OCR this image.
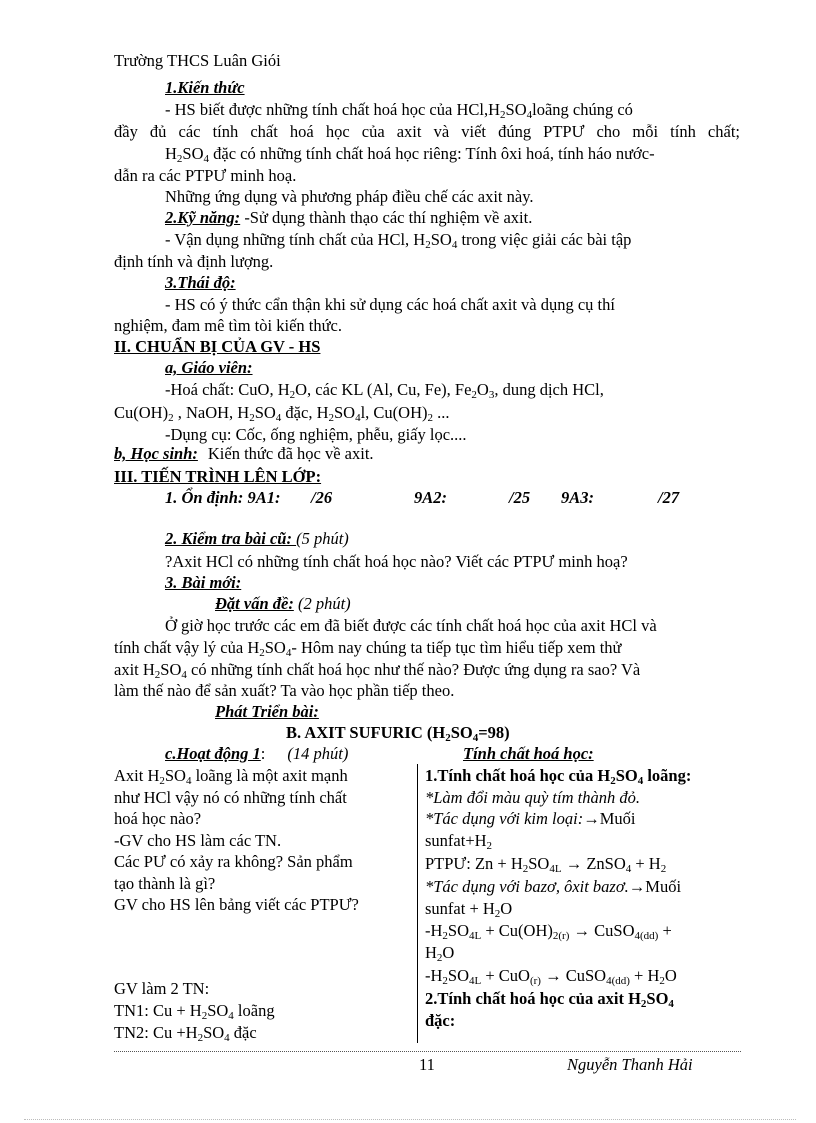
Trường THCS Luân Giói
1.Kiến thức
- HS biết được những tính chất hoá học của $HCl,H_2SO_4loãng$ chúng có
đầy đủ các tính chất hoá học của axit và viết đúng PTPƯ cho mỗi tính chất;
$H_2SO_4$ đặc có những tính chất hoá học riêng: Tính ôxi hoá, tính háo nước-
dẫn ra các PTPƯ minh hoạ.
Những ứng dụng và phương pháp điều chế các axit này.
2.Kỹ năng: -Sử dụng thành thạo các thí nghiệm về axit.
- Vận dụng những tính chất của HCl, $H_2SO_4$ trong việc giải các bài tập
định tính và định lượng.
3.Thái độ:
- HS có ý thức cẩn thận khi sử dụng các hoá chất axit và dụng cụ thí
nghiệm, đam mê tìm tòi kiến thức.
II. CHUẨN BỊ CỦA GV - HS
a, Giáo viên:
-Hoá chất: CuO, $H_2O$, các KL (Al, Cu, Fe), $Fe_2O_3$, dung dịch HCl,
$Cu(OH)_2$ , NaOH, $H_2SO_4$ đặc, $H_2SO_4l$, $Cu(OH)_2$ ...
-Dụng cụ: Cốc, ống nghiệm, phễu, giấy lọc....
b, Học sinh: Kiến thức đã học về axit.
III. TIẾN TRÌNH LÊN LỚP:
1. Ổn định: 9A1: /26	9A2:	/25 9A3:	/27
2. Kiểm tra bài cũ: (5 phút)
?Axit HCl có những tính chất hoá học nào? Viết các PTPƯ minh hoạ?
3. Bài mới:
Đặt vấn đề: (2 phút)
Ở giờ học trước các em đã biết được các tính chất hoá học của axit HCl và
tính chất vậy lý của $H_2SO_4-$ Hôm nay chúng ta tiếp tục tìm hiểu tiếp xem thử
axit $H_2SO_4$ có những tính chất hoá học như thế nào? Được ứng dụng ra sao? Và
làm thế nào để sản xuất? Ta vào học phần tiếp theo.
Phát Triển bài:
B. AXIT SUFURIC $(H_2SO_4=98)$
c.Hoạt động 1: (14 phút)	Tính chất hoá học:
Axit $H_2SO_4$ loãng là một axit mạnh
như HCl vậy nó có những tính chất
hoá học nào?
-GV cho HS làm các TN.
Các PƯ có xảy ra không? Sản phẩm
tạo thành là gì?
GV cho HS lên bảng viết các PTPƯ?
GV làm 2 TN:
TN1: $Cu + H_2SO_4$ loãng
TN2: $Cu +H_2SO_4$ đặc
1.Tính chất hoá học của $H_2SO_4$ loãng:
*Làm đổi màu quỳ tím thành đỏ.
*Tác dụng với kim loại:→Muối
$sunfat+H_2$
PTPƯ: $Zn + H_2SO_{4L}$ → ZnSO$_4$ + $H_2$
*Tác dụng với bazơ, ôxit bazơ.→Muối
sunfat + $H_2O$
$-H_2SO_{4L} + Cu(OH)_{2(r)}$ → CuSO$_{4(dd)}$ +
$H_2O$
$-H_2SO_{4L} + CuO_{(r)}$ → CuSO$_{4(dd)}$ + $H_2O$
2.Tính chất hoá học của axit $H_2SO_4$
đặc:
11	Nguyễn Thanh Hải
